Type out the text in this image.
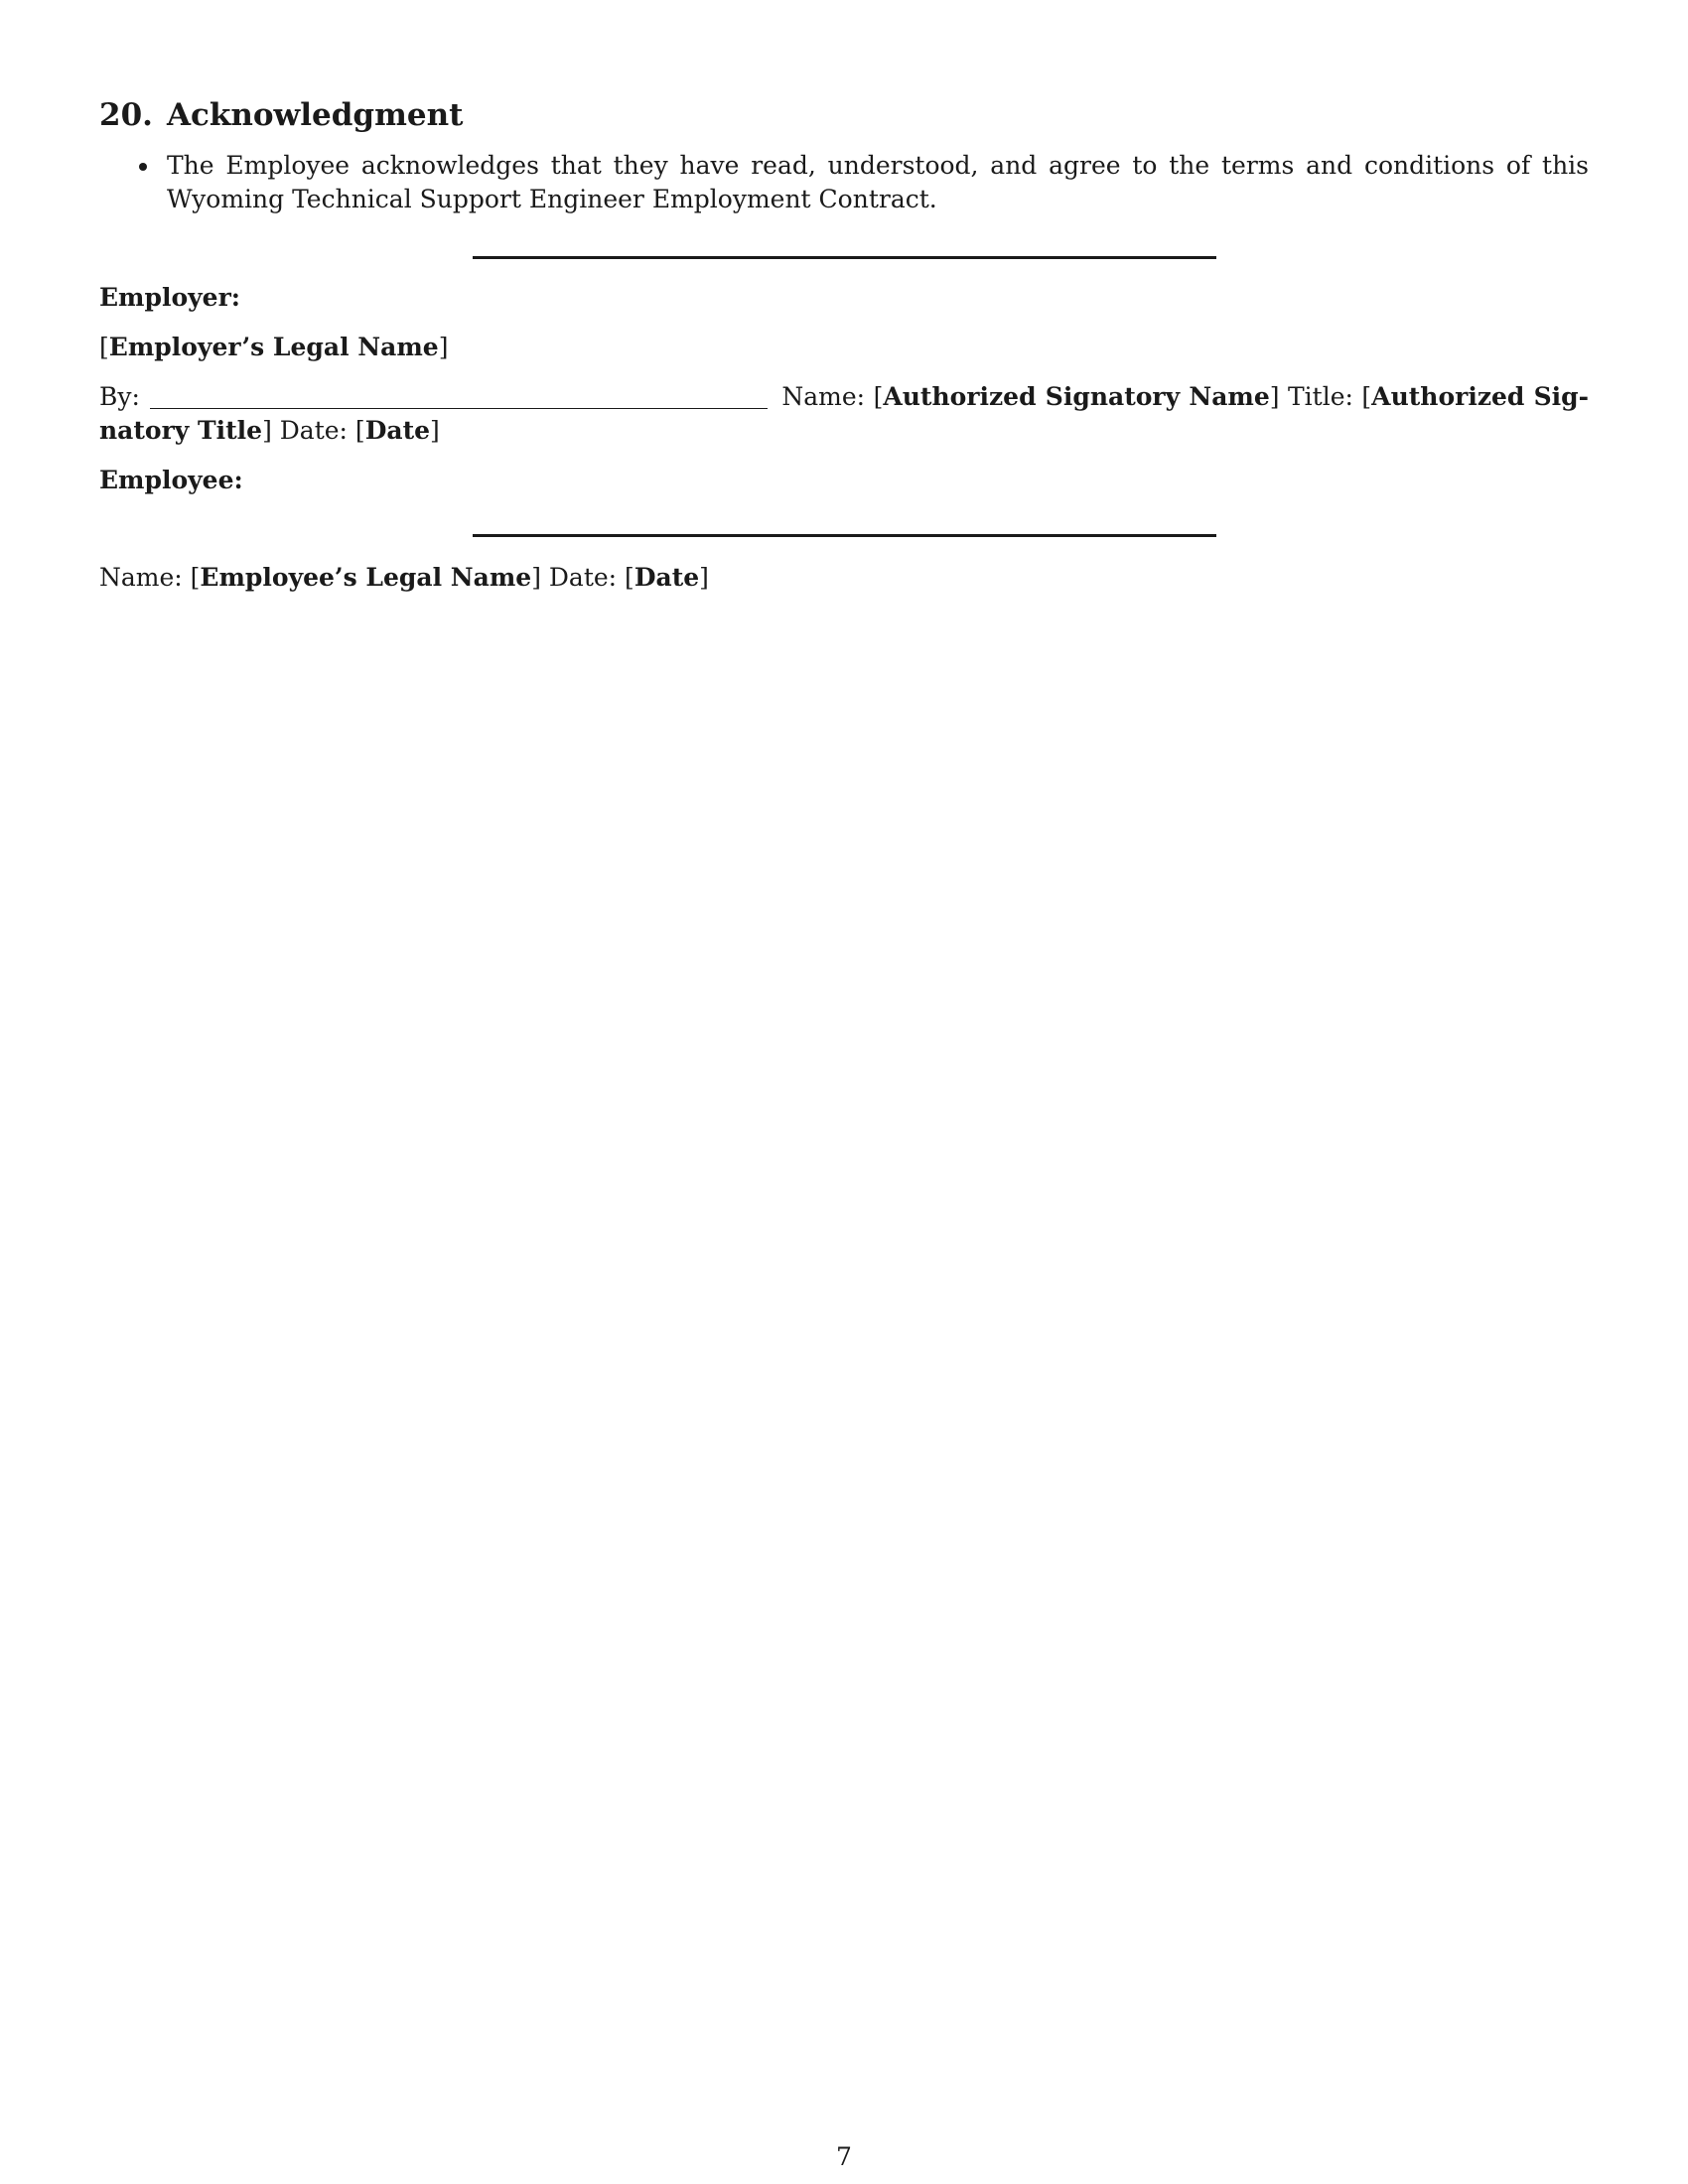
20. Acknowledgment
The Employee acknowledges that they have read, understood, and agree to the terms and conditions of this Wyoming Technical Support Engineer Employment Contract.
Employer:
[Employer’s Legal Name]
By:	Name: [Authorized Signatory Name] Title: [Authorized Sig-
natory Title] Date: [Date]
Employee:
Name: [Employee’s Legal Name] Date: [Date]
7
